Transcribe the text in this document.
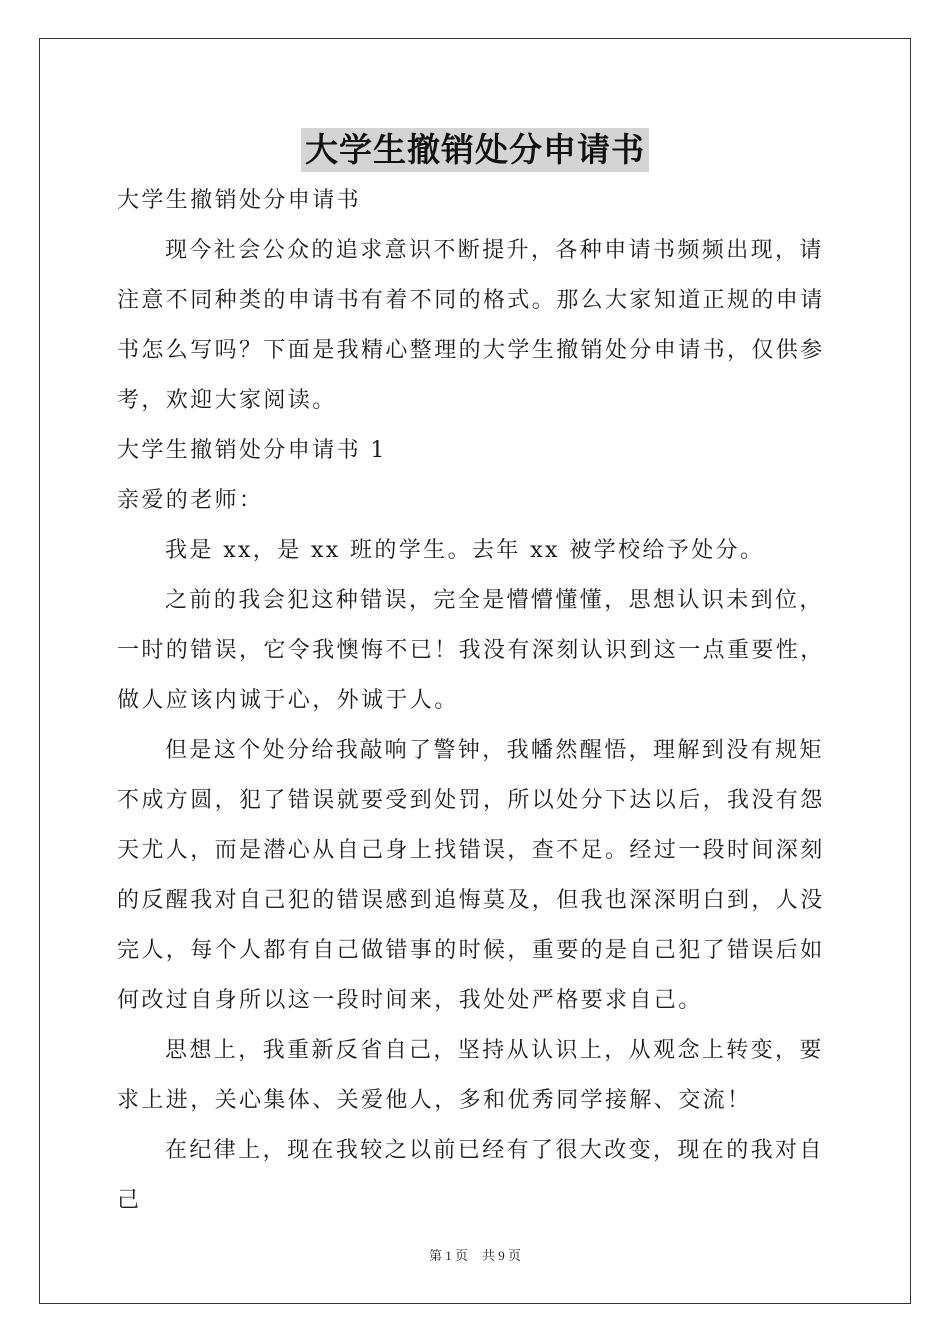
大学生撤销处分申请书

大学生撤销处分申请书

现今社会公众的追求意识不断提升，各种申请书频频出现，请注意不同种类的申请书有着不同的格式。那么大家知道正规的申请书怎么写吗？下面是我精心整理的大学生撤销处分申请书，仅供参考，欢迎大家阅读。

大学生撤销处分申请书 1

亲爱的老师：

我是 xx，是 xx 班的学生。去年 xx 被学校给予处分。

之前的我会犯这种错误，完全是懵懵懂懂，思想认识未到位，一时的错误，它令我懊悔不已！我没有深刻认识到这一点重要性，做人应该内诚于心，外诚于人。

但是这个处分给我敲响了警钟，我幡然醒悟，理解到没有规矩不成方圆，犯了错误就要受到处罚，所以处分下达以后，我没有怨天尤人，而是潜心从自己身上找错误，查不足。经过一段时间深刻的反醒我对自己犯的错误感到追悔莫及，但我也深深明白到，人没完人，每个人都有自己做错事的时候，重要的是自己犯了错误后如何改过自身所以这一段时间来，我处处严格要求自己。

思想上，我重新反省自己，坚持从认识上，从观念上转变，要求上进，关心集体、关爱他人，多和优秀同学接解、交流！

在纪律上，现在我较之以前已经有了很大改变，现在的我对自己

第 1 页 共 9 页
